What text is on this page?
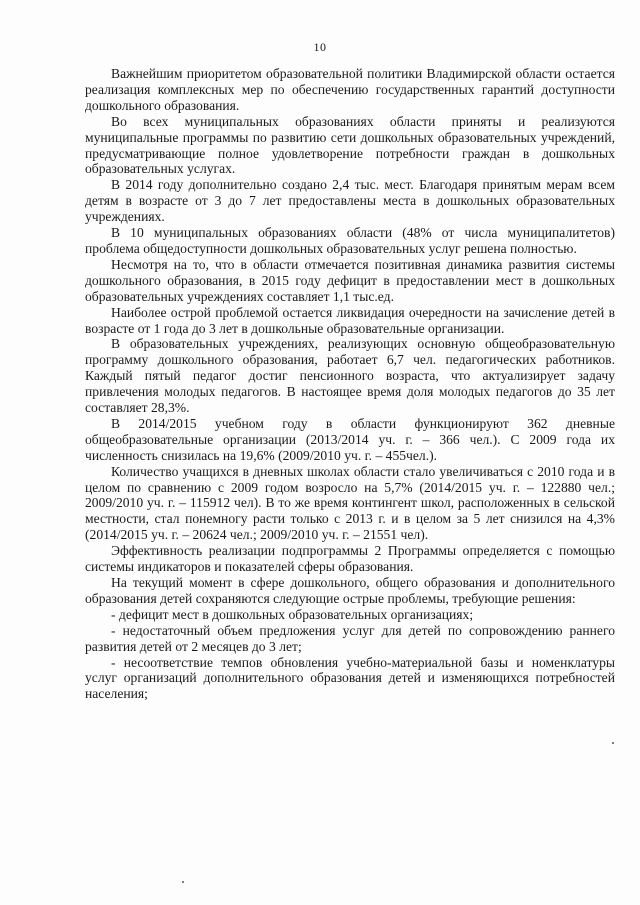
10

Важнейшим приоритетом образовательной политики Владимирской области остается реализация комплексных мер по обеспечению государственных гарантий доступности дошкольного образования.

Во всех муниципальных образованиях области приняты и реализуются муниципальные программы по развитию сети дошкольных образовательных учреждений, предусматривающие полное удовлетворение потребности граждан в дошкольных образовательных услугах.

В 2014 году дополнительно создано 2,4 тыс. мест. Благодаря принятым мерам всем детям в возрасте от 3 до 7 лет предоставлены места в дошкольных образовательных учреждениях.

В 10 муниципальных образованиях области (48% от числа муниципалитетов) проблема общедоступности дошкольных образовательных услуг решена полностью.

Несмотря на то, что в области отмечается позитивная динамика развития системы дошкольного образования, в 2015 году дефицит в предоставлении мест в дошкольных образовательных учреждениях составляет 1,1 тыс.ед.

Наиболее острой проблемой остается ликвидация очередности на зачисление детей в возрасте от 1 года до 3 лет в дошкольные образовательные организации.

В образовательных учреждениях, реализующих основную общеобразовательную программу дошкольного образования, работает 6,7 чел. педагогических работников. Каждый пятый педагог достиг пенсионного возраста, что актуализирует задачу привлечения молодых педагогов. В настоящее время доля молодых педагогов до 35 лет составляет 28,3%.

В 2014/2015 учебном году в области функционируют 362 дневные общеобразовательные организации (2013/2014 уч. г. – 366 чел.). С 2009 года их численность снизилась на 19,6% (2009/2010 уч. г. – 455чел.).

Количество учащихся в дневных школах области стало увеличиваться с 2010 года и в целом по сравнению с 2009 годом возросло на 5,7% (2014/2015 уч. г. – 122880 чел.; 2009/2010 уч. г. – 115912 чел). В то же время контингент школ, расположенных в сельской местности, стал понемногу расти только с 2013 г. и в целом за 5 лет снизился на 4,3% (2014/2015 уч. г. – 20624 чел.; 2009/2010 уч. г. – 21551 чел).

Эффективность реализации подпрограммы 2 Программы определяется с помощью системы индикаторов и показателей сферы образования.

На текущий момент в сфере дошкольного, общего образования и дополнительного образования детей сохраняются следующие острые проблемы, требующие решения:

- дефицит мест в дошкольных образовательных организациях;

- недостаточный объем предложения услуг для детей по сопровождению раннего развития детей от 2 месяцев до 3 лет;

- несоответствие темпов обновления учебно-материальной базы и номенклатуры услуг организаций дополнительного образования детей и изменяющихся потребностей населения;
